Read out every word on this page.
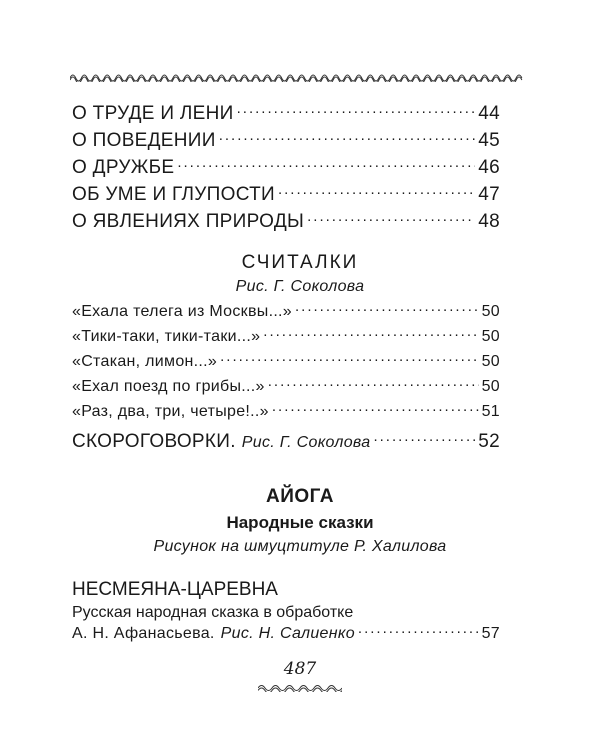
О ТРУДЕ И ЛЕНИ .....	44
О ПОВЕДЕНИИ .....	45
О ДРУЖБЕ .....	46
ОБ УМЕ И ГЛУПОСТИ .....	47
О ЯВЛЕНИЯХ ПРИРОДЫ .....	48
СЧИТАЛКИ
Рис. Г. Соколова
«Ехала телега из Москвы...» .....	50
«Тики-таки, тики-таки...» .....	50
«Стакан, лимон...» .....	50
«Ехал поезд по грибы...» .....	50
«Раз, два, три, четыре!..» .....	51
СКОРОГОВОРКИ. Рис. Г. Соколова .....	52
АЙОГА
Народные сказки
Рисунок на шмуцтитуле Р. Халилова
НЕСМЕЯНА-ЦАРЕВНА
Русская народная сказка в обработке
А. Н. Афанасьева. Рис. Н. Салиенко .....	57
487
